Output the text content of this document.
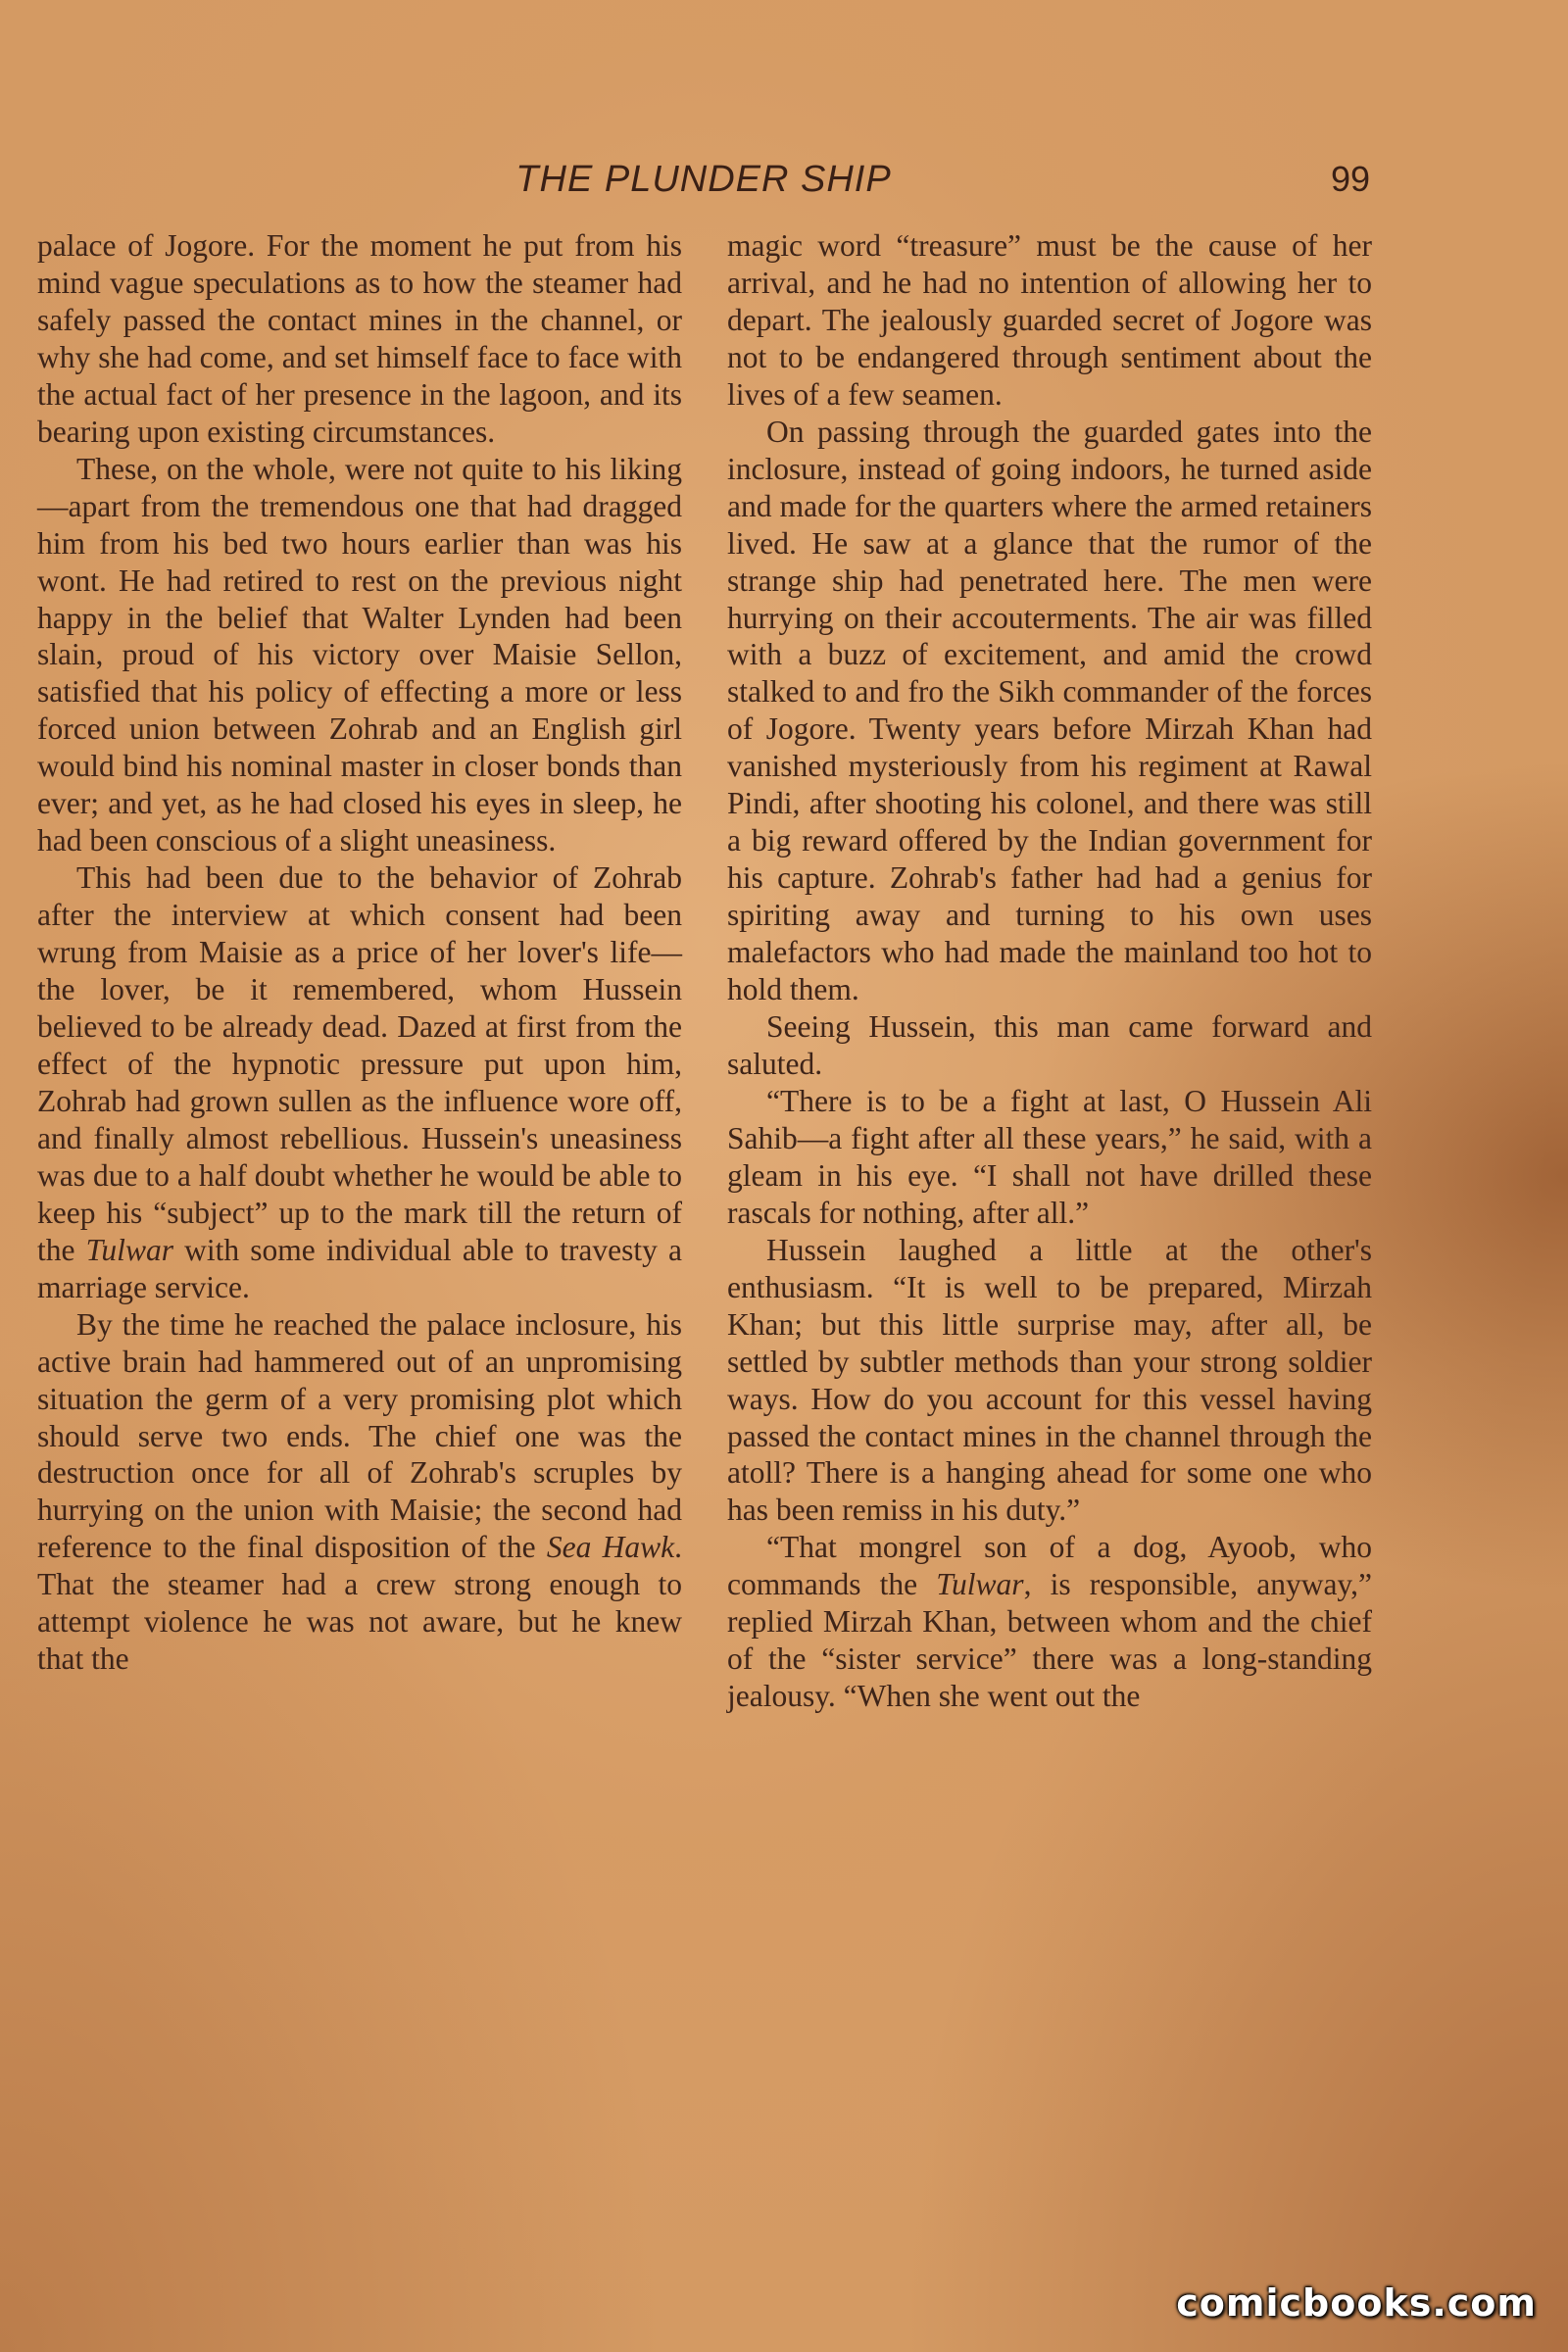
THE PLUNDER SHIP	99

palace of Jogore. For the moment he put from his mind vague speculations as to how the steamer had safely passed the contact mines in the channel, or why she had come, and set himself face to face with the actual fact of her presence in the lagoon, and its bearing upon existing circumstances.

These, on the whole, were not quite to his liking—apart from the tremendous one that had dragged him from his bed two hours earlier than was his wont. He had retired to rest on the previous night happy in the belief that Walter Lynden had been slain, proud of his victory over Maisie Sellon, satisfied that his policy of effecting a more or less forced union between Zohrab and an English girl would bind his nominal master in closer bonds than ever; and yet, as he had closed his eyes in sleep, he had been conscious of a slight uneasiness.

This had been due to the behavior of Zohrab after the interview at which consent had been wrung from Maisie as a price of her lover's life—the lover, be it remembered, whom Hussein believed to be already dead. Dazed at first from the effect of the hypnotic pressure put upon him, Zohrab had grown sullen as the influence wore off, and finally almost rebellious. Hussein's uneasiness was due to a half doubt whether he would be able to keep his “subject” up to the mark till the return of the Tulwar with some individual able to travesty a marriage service.

By the time he reached the palace inclosure, his active brain had hammered out of an unpromising situation the germ of a very promising plot which should serve two ends. The chief one was the destruction once for all of Zohrab's scruples by hurrying on the union with Maisie; the second had reference to the final disposition of the Sea Hawk. That the steamer had a crew strong enough to attempt violence he was not aware, but he knew that the

magic word “treasure” must be the cause of her arrival, and he had no intention of allowing her to depart. The jealously guarded secret of Jogore was not to be endangered through sentiment about the lives of a few seamen.

On passing through the guarded gates into the inclosure, instead of going indoors, he turned aside and made for the quarters where the armed retainers lived. He saw at a glance that the rumor of the strange ship had penetrated here. The men were hurrying on their accouterments. The air was filled with a buzz of excitement, and amid the crowd stalked to and fro the Sikh commander of the forces of Jogore. Twenty years before Mirzah Khan had vanished mysteriously from his regiment at Rawal Pindi, after shooting his colonel, and there was still a big reward offered by the Indian government for his capture. Zohrab's father had had a genius for spiriting away and turning to his own uses malefactors who had made the mainland too hot to hold them.

Seeing Hussein, this man came forward and saluted.

“There is to be a fight at last, O Hussein Ali Sahib—a fight after all these years,” he said, with a gleam in his eye. “I shall not have drilled these rascals for nothing, after all.”

Hussein laughed a little at the other's enthusiasm. “It is well to be prepared, Mirzah Khan; but this little surprise may, after all, be settled by subtler methods than your strong soldier ways. How do you account for this vessel having passed the contact mines in the channel through the atoll? There is a hanging ahead for some one who has been remiss in his duty.”

“That mongrel son of a dog, Ayoob, who commands the Tulwar, is responsible, anyway,” replied Mirzah Khan, between whom and the chief of the “sister service” there was a long-standing jealousy. “When she went out the

comicbooks.com
